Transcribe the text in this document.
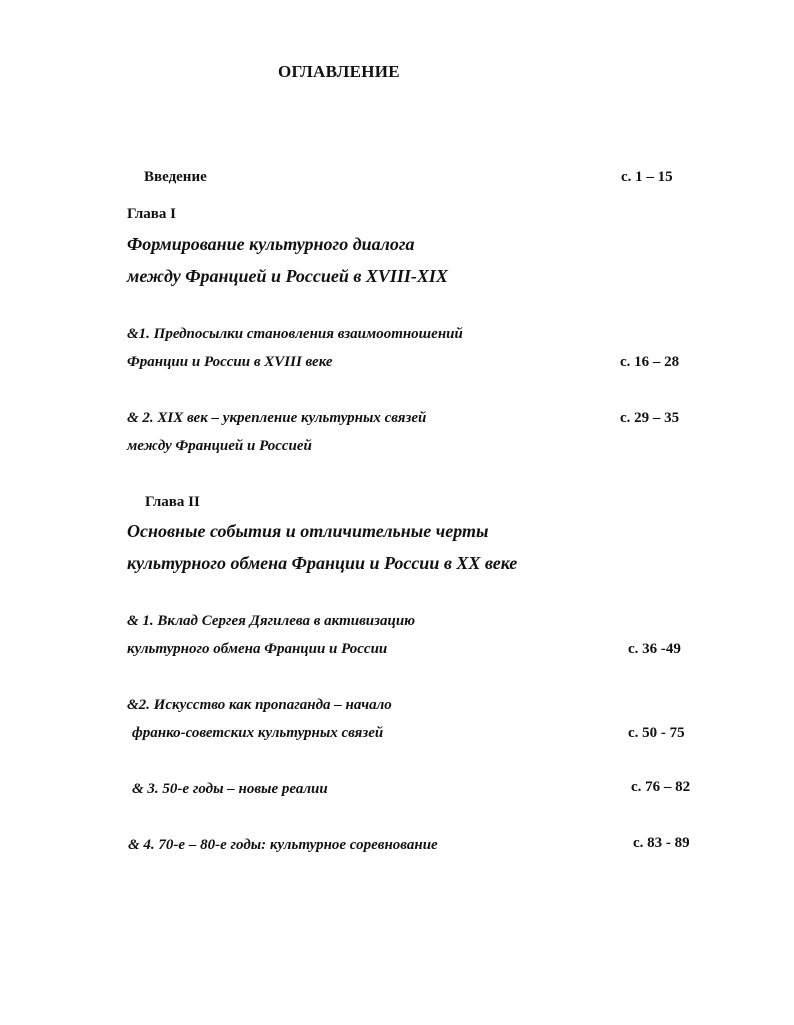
ОГЛАВЛЕНИЕ
Введение	с. 1 – 15
Глава I
Формирование культурного диалога
между Францией и Россией в XVIII-XIX
&1. Предпосылки становления взаимоотношений
Франции и России в XVIII веке	с. 16 – 28
& 2. XIX век – укрепление культурных связей	с. 29 – 35
между Францией и Россией
Глава II
Основные события и отличительные черты
культурного обмена Франции и России в XX веке
& 1. Вклад Сергея Дягилева в активизацию
культурного обмена Франции и России	с. 36 -49
&2. Искусство как пропаганда – начало
франко-советских культурных связей	с. 50 - 75
& 3. 50-е годы – новые реалии	с. 76 – 82
& 4. 70-е – 80-е годы: культурное соревнование	с. 83 - 89
